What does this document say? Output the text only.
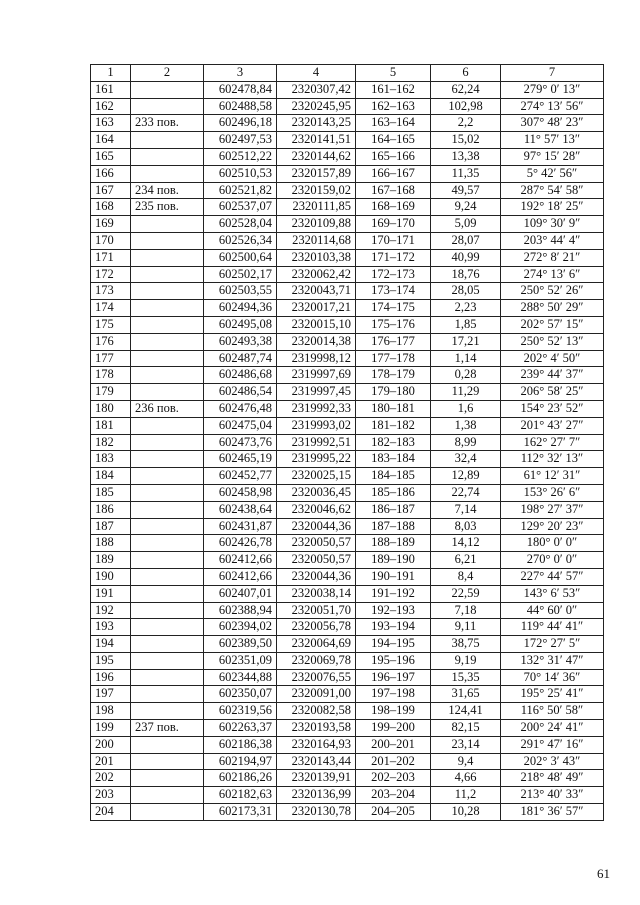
1	2	3	4	5	6	7
161		602478,84	2320307,42	161–162	62,24	279° 0′ 13″
162		602488,58	2320245,95	162–163	102,98	274° 13′ 56″
163	233 пов.	602496,18	2320143,25	163–164	2,2	307° 48′ 23″
164		602497,53	2320141,51	164–165	15,02	11° 57′ 13″
165		602512,22	2320144,62	165–166	13,38	97° 15′ 28″
166		602510,53	2320157,89	166–167	11,35	5° 42′ 56″
167	234 пов.	602521,82	2320159,02	167–168	49,57	287° 54′ 58″
168	235 пов.	602537,07	2320111,85	168–169	9,24	192° 18′ 25″
169		602528,04	2320109,88	169–170	5,09	109° 30′ 9″
170		602526,34	2320114,68	170–171	28,07	203° 44′ 4″
171		602500,64	2320103,38	171–172	40,99	272° 8′ 21″
172		602502,17	2320062,42	172–173	18,76	274° 13′ 6″
173		602503,55	2320043,71	173–174	28,05	250° 52′ 26″
174		602494,36	2320017,21	174–175	2,23	288° 50′ 29″
175		602495,08	2320015,10	175–176	1,85	202° 57′ 15″
176		602493,38	2320014,38	176–177	17,21	250° 52′ 13″
177		602487,74	2319998,12	177–178	1,14	202° 4′ 50″
178		602486,68	2319997,69	178–179	0,28	239° 44′ 37″
179		602486,54	2319997,45	179–180	11,29	206° 58′ 25″
180	236 пов.	602476,48	2319992,33	180–181	1,6	154° 23′ 52″
181		602475,04	2319993,02	181–182	1,38	201° 43′ 27″
182		602473,76	2319992,51	182–183	8,99	162° 27′ 7″
183		602465,19	2319995,22	183–184	32,4	112° 32′ 13″
184		602452,77	2320025,15	184–185	12,89	61° 12′ 31″
185		602458,98	2320036,45	185–186	22,74	153° 26′ 6″
186		602438,64	2320046,62	186–187	7,14	198° 27′ 37″
187		602431,87	2320044,36	187–188	8,03	129° 20′ 23″
188		602426,78	2320050,57	188–189	14,12	180° 0′ 0″
189		602412,66	2320050,57	189–190	6,21	270° 0′ 0″
190		602412,66	2320044,36	190–191	8,4	227° 44′ 57″
191		602407,01	2320038,14	191–192	22,59	143° 6′ 53″
192		602388,94	2320051,70	192–193	7,18	44° 60′ 0″
193		602394,02	2320056,78	193–194	9,11	119° 44′ 41″
194		602389,50	2320064,69	194–195	38,75	172° 27′ 5″
195		602351,09	2320069,78	195–196	9,19	132° 31′ 47″
196		602344,88	2320076,55	196–197	15,35	70° 14′ 36″
197		602350,07	2320091,00	197–198	31,65	195° 25′ 41″
198		602319,56	2320082,58	198–199	124,41	116° 50′ 58″
199	237 пов.	602263,37	2320193,58	199–200	82,15	200° 24′ 41″
200		602186,38	2320164,93	200–201	23,14	291° 47′ 16″
201		602194,97	2320143,44	201–202	9,4	202° 3′ 43″
202		602186,26	2320139,91	202–203	4,66	218° 48′ 49″
203		602182,63	2320136,99	203–204	11,2	213° 40′ 33″
204		602173,31	2320130,78	204–205	10,28	181° 36′ 57″
61
